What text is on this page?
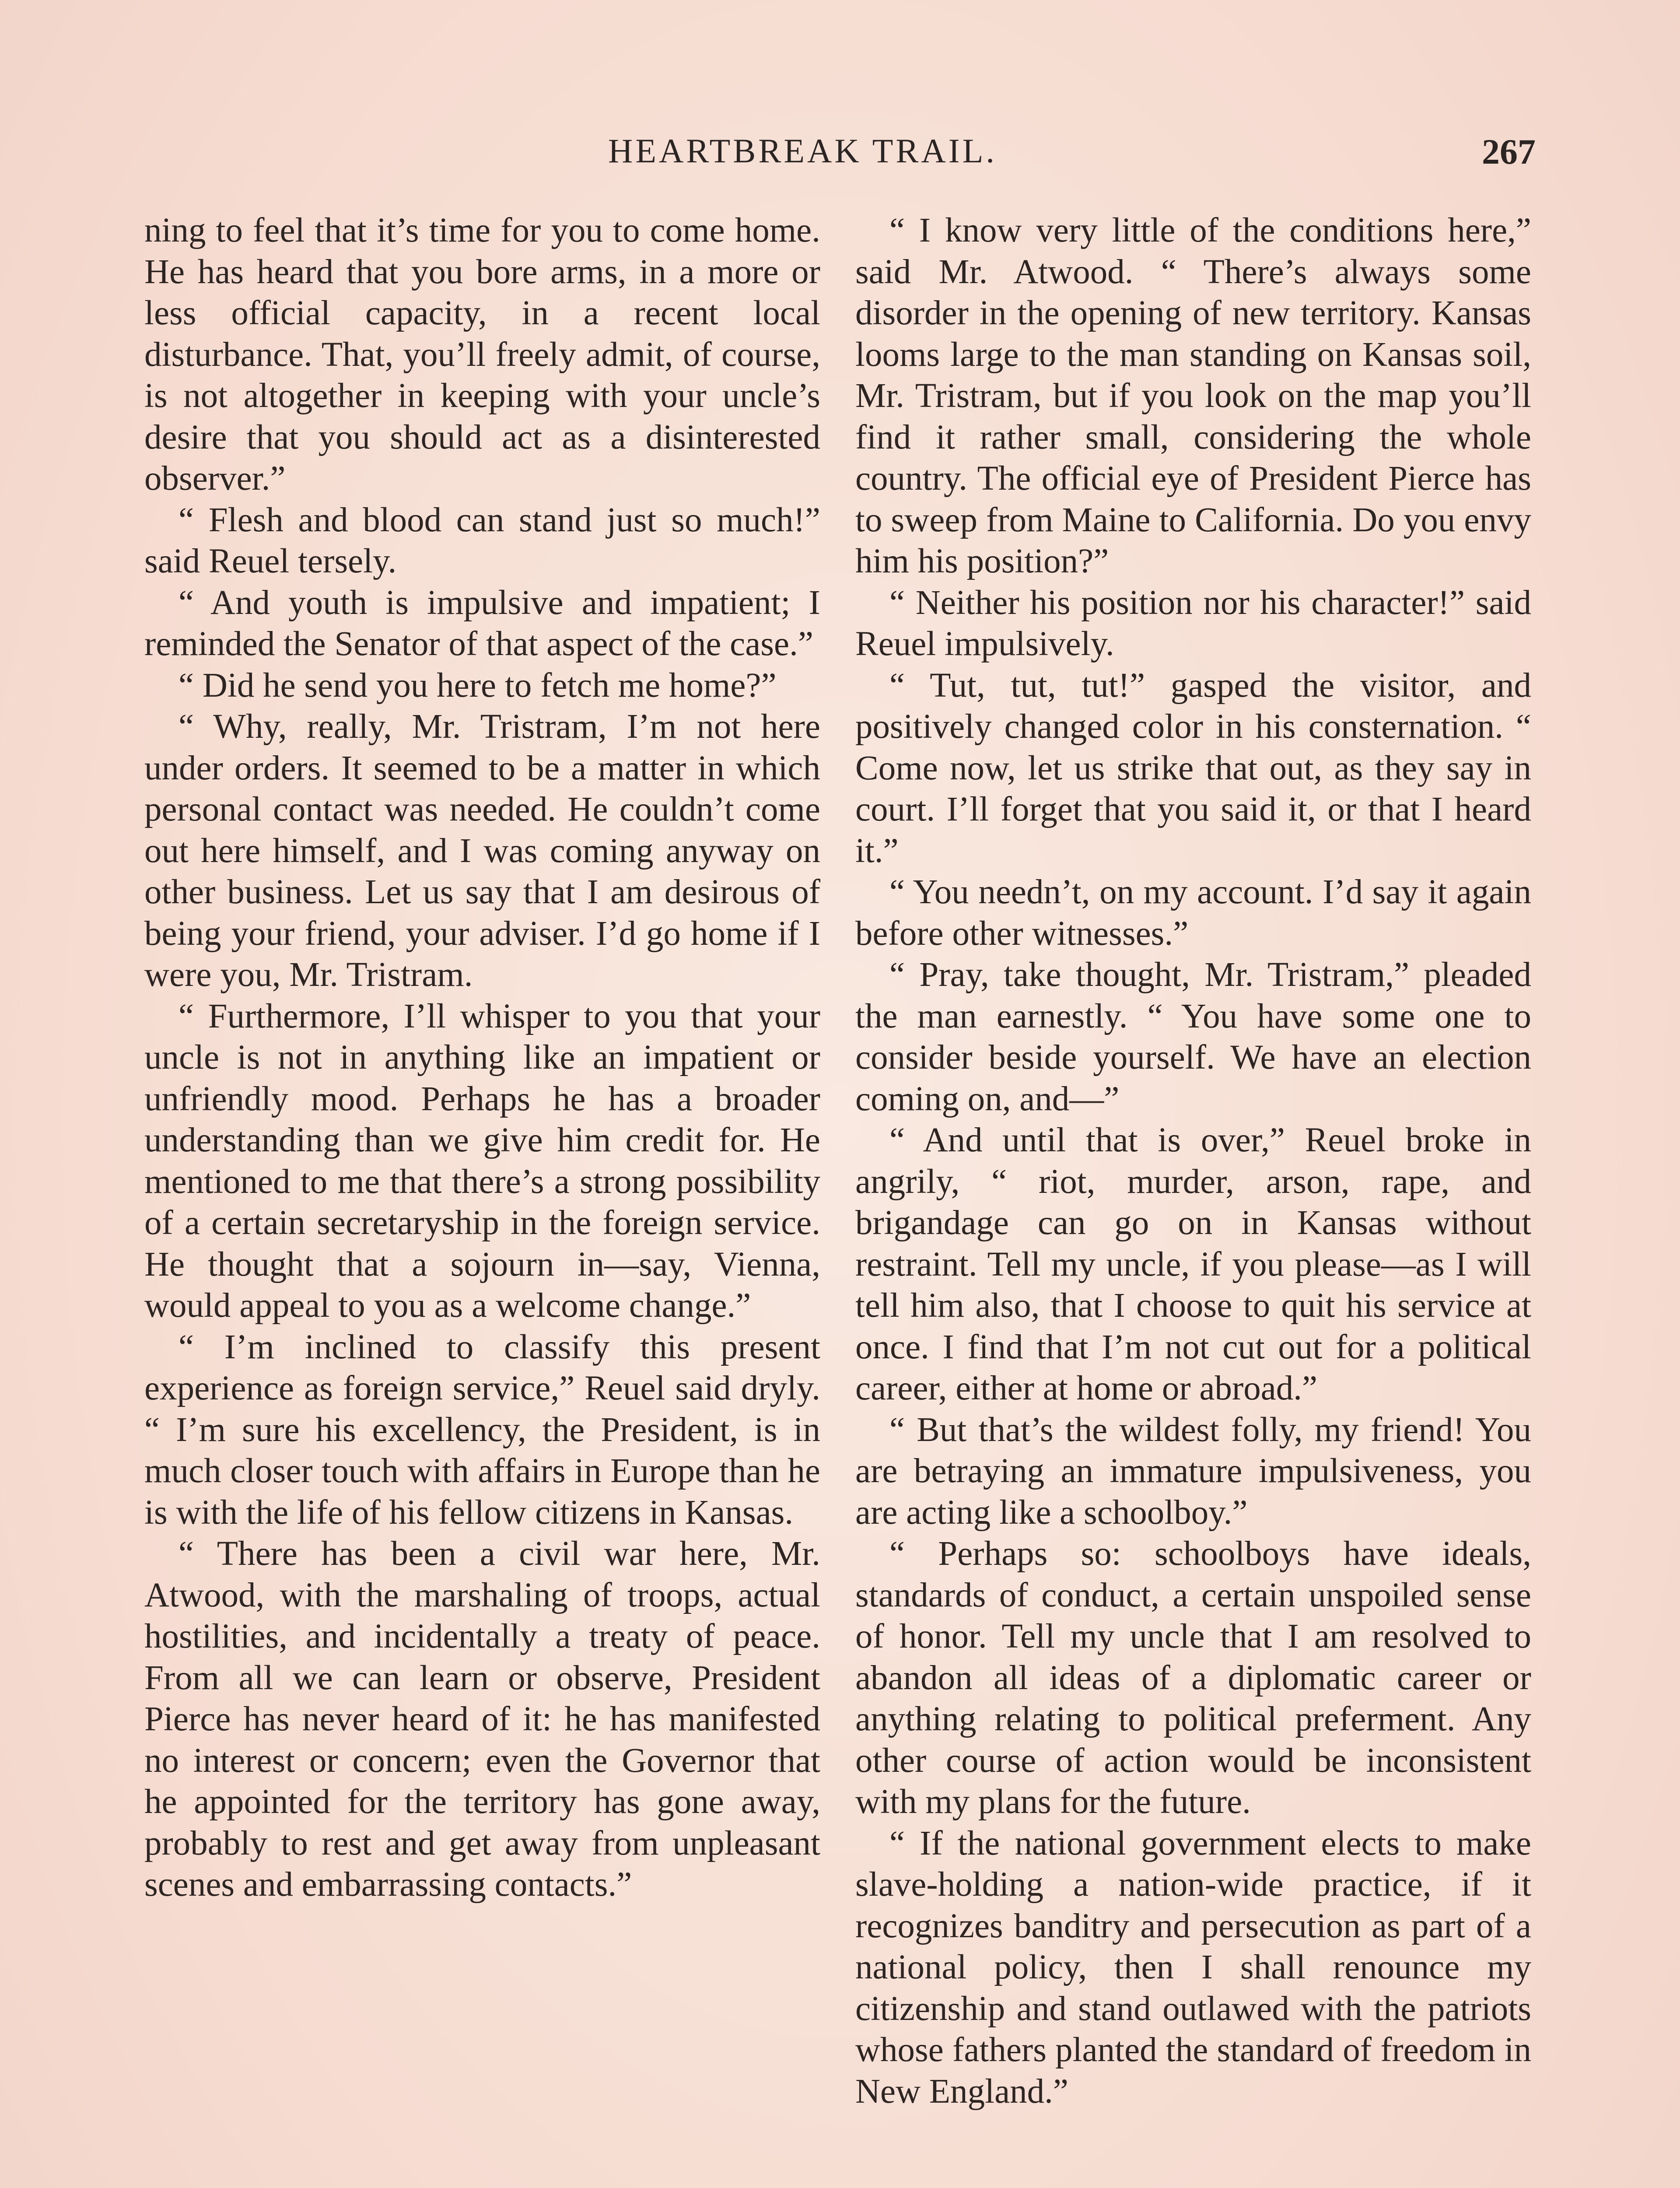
HEARTBREAK TRAIL.	267

ning to feel that it’s time for you to come home. He has heard that you bore arms, in a more or less official capacity, in a recent local disturbance. That, you’ll freely admit, of course, is not altogether in keeping with your uncle’s desire that you should act as a disinterested observer.”

“ Flesh and blood can stand just so much!” said Reuel tersely.

“ And youth is impulsive and impatient; I reminded the Senator of that aspect of the case.”

“ Did he send you here to fetch me home?”

“ Why, really, Mr. Tristram, I’m not here under orders. It seemed to be a matter in which personal contact was needed. He couldn’t come out here himself, and I was coming anyway on other business. Let us say that I am desirous of being your friend, your adviser. I’d go home if I were you, Mr. Tristram.

“ Furthermore, I’ll whisper to you that your uncle is not in anything like an impatient or unfriendly mood. Perhaps he has a broader understanding than we give him credit for. He mentioned to me that there’s a strong possibility of a certain secretaryship in the foreign service. He thought that a sojourn in—say, Vienna, would appeal to you as a welcome change.”

“ I’m inclined to classify this present experience as foreign service,” Reuel said dryly. “ I’m sure his excellency, the President, is in much closer touch with affairs in Europe than he is with the life of his fellow citizens in Kansas.

“ There has been a civil war here, Mr. Atwood, with the marshaling of troops, actual hostilities, and incidentally a treaty of peace. From all we can learn or observe, President Pierce has never heard of it: he has manifested no interest or concern; even the Governor that he appointed for the territory has gone away, probably to rest and get away from unpleasant scenes and embarrassing contacts.”

“ I know very little of the conditions here,” said Mr. Atwood. “ There’s always some disorder in the opening of new territory. Kansas looms large to the man standing on Kansas soil, Mr. Tristram, but if you look on the map you’ll find it rather small, considering the whole country. The official eye of President Pierce has to sweep from Maine to California. Do you envy him his position?”

“ Neither his position nor his character!” said Reuel impulsively.

“ Tut, tut, tut!” gasped the visitor, and positively changed color in his consternation. “ Come now, let us strike that out, as they say in court. I’ll forget that you said it, or that I heard it.”

“ You needn’t, on my account. I’d say it again before other witnesses.”

“ Pray, take thought, Mr. Tristram,” pleaded the man earnestly. “ You have some one to consider beside yourself. We have an election coming on, and—”

“ And until that is over,” Reuel broke in angrily, “ riot, murder, arson, rape, and brigandage can go on in Kansas without restraint. Tell my uncle, if you please—as I will tell him also, that I choose to quit his service at once. I find that I’m not cut out for a political career, either at home or abroad.”

“ But that’s the wildest folly, my friend! You are betraying an immature impulsiveness, you are acting like a schoolboy.”

“ Perhaps so: schoolboys have ideals, standards of conduct, a certain unspoiled sense of honor. Tell my uncle that I am resolved to abandon all ideas of a diplomatic career or anything relating to political preferment. Any other course of action would be inconsistent with my plans for the future.

“ If the national government elects to make slave-holding a nation-wide practice, if it recognizes banditry and persecution as part of a national policy, then I shall renounce my citizenship and stand outlawed with the patriots whose fathers planted the standard of freedom in New England.”
